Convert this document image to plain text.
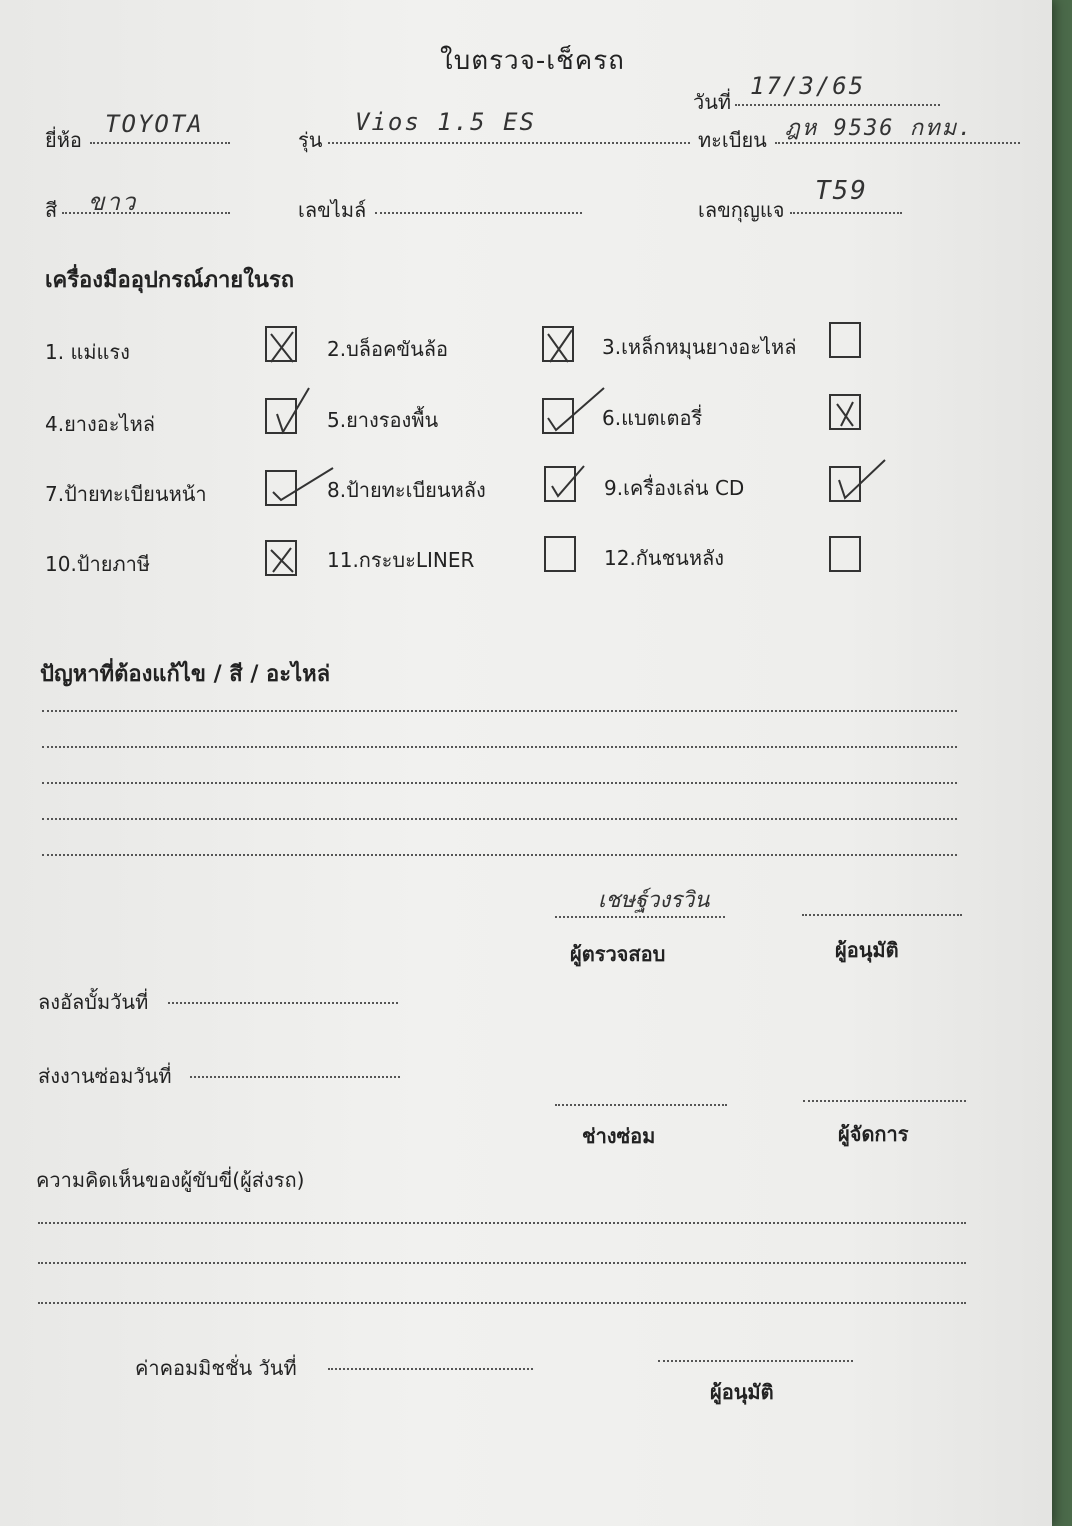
ใบตรวจ-เช็ครถ
วันที่
17/3/65
ยี่ห้อ
TOYOTA
รุ่น
Vios 1.5 ES
ทะเบียน ฎห 9536 กทม.
สี ขาว	เลขไมล์	เลขกุญแจ
T59
เครื่องมืออุปกรณ์ภายในรถ
1. แม่แรง	2.บล็อคขันล้อ	3.เหล็กหมุนยางอะไหล่
4.ยางอะไหล่	5.ยางรองพื้น	6.แบตเตอรี่
7.ป้ายทะเบียนหน้า	8.ป้ายทะเบียนหลัง	9.เครื่องเล่น CD
10.ป้ายภาษี	11.กระบะLINER	12.กันชนหลัง
ปัญหาที่ต้องแก้ไข / สี / อะไหล่
เชษฐ์วงรวิน
ผู้ตรวจสอบ	ผู้อนุมัติ
ลงอัลบั้มวันที่
ส่งงานซ่อมวันที่
ช่างซ่อม	ผู้จัดการ
ความคิดเห็นของผู้ขับขี่(ผู้ส่งรถ)
ค่าคอมมิชชั่น วันที่
ผู้อนุมัติ
